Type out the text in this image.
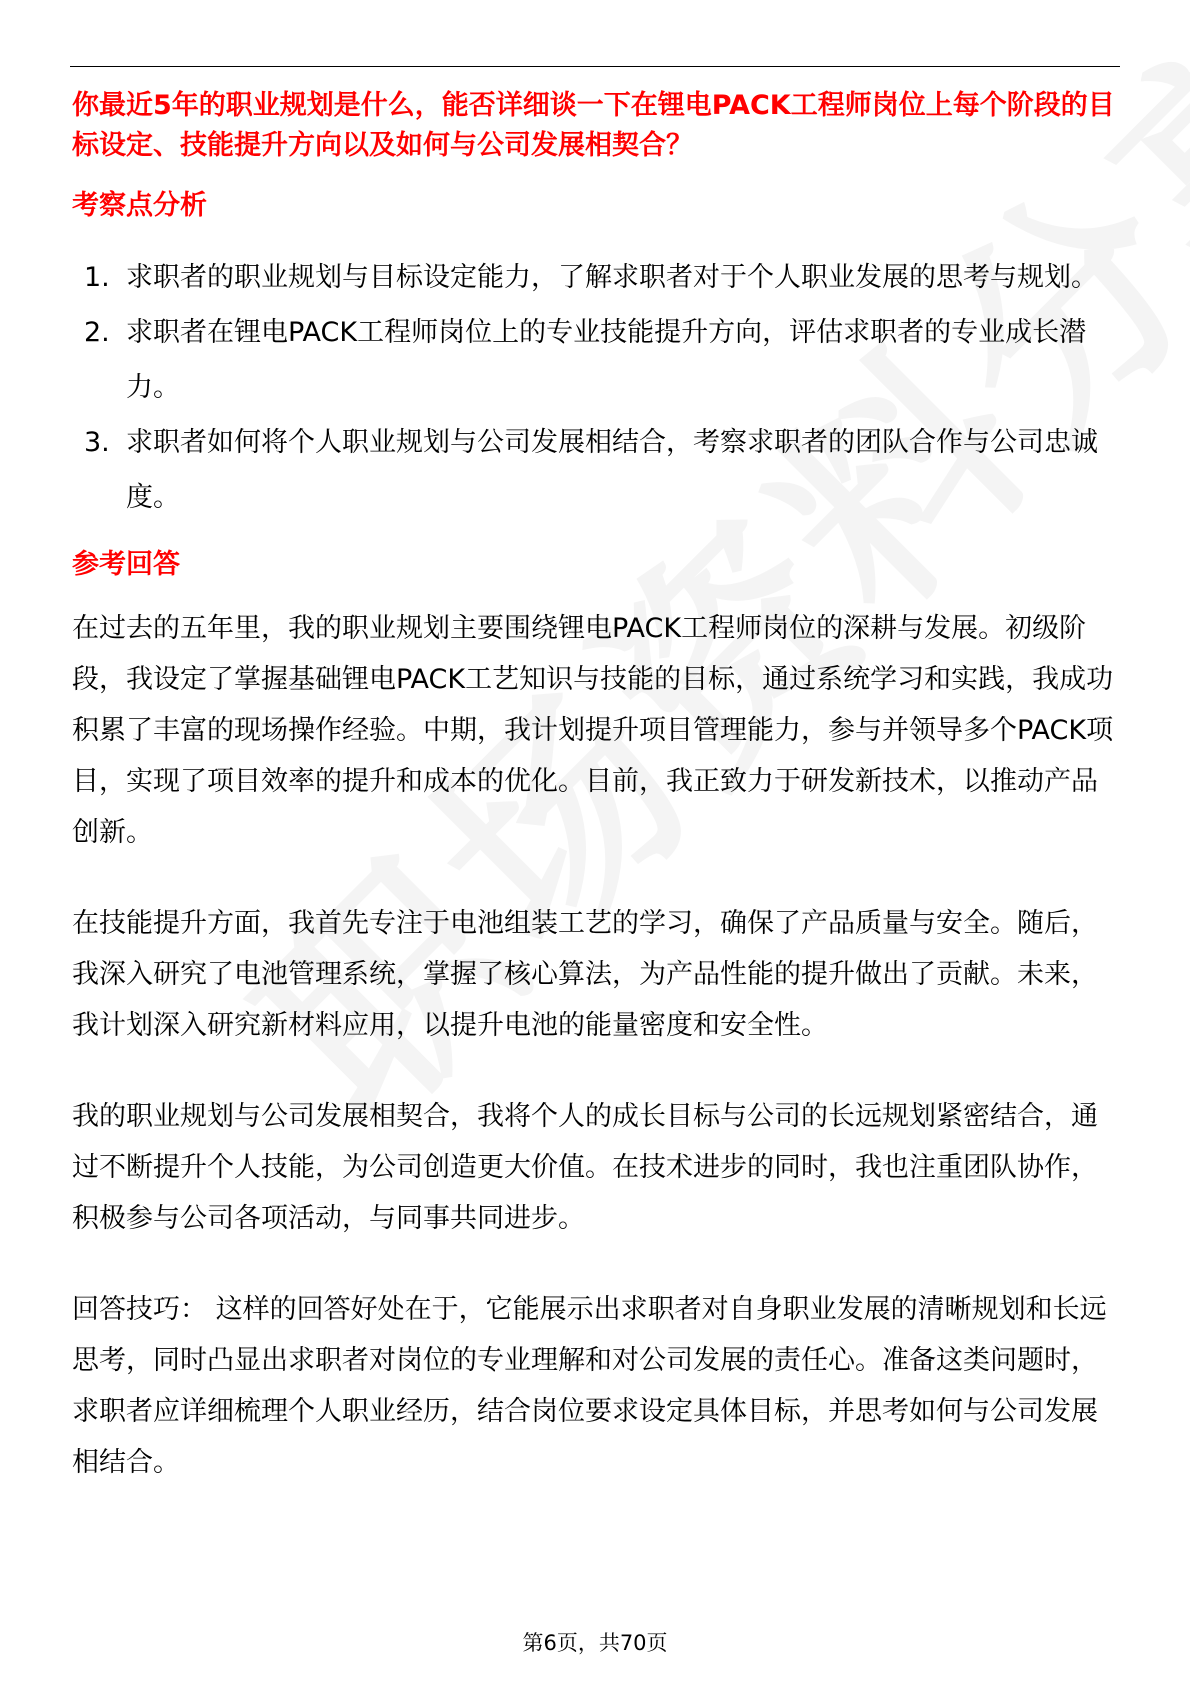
你最近5年的职业规划是什么，能否详细谈一下在锂电PACK工程师岗位上每个阶段的目标设定、技能提升方向以及如何与公司发展相契合？

考察点分析
1. 求职者的职业规划与目标设定能力，了解求职者对于个人职业发展的思考与规划。
2. 求职者在锂电PACK工程师岗位上的专业技能提升方向，评估求职者的专业成长潜力。
3. 求职者如何将个人职业规划与公司发展相结合，考察求职者的团队合作与公司忠诚度。
参考回答

在过去的五年里，我的职业规划主要围绕锂电PACK工程师岗位的深耕与发展。初级阶段，我设定了掌握基础锂电PACK工艺知识与技能的目标，通过系统学习和实践，我成功积累了丰富的现场操作经验。中期，我计划提升项目管理能力，参与并领导多个PACK项目，实现了项目效率的提升和成本的优化。目前，我正致力于研发新技术，以推动产品创新。

在技能提升方面，我首先专注于电池组装工艺的学习，确保了产品质量与安全。随后，我深入研究了电池管理系统，掌握了核心算法，为产品性能的提升做出了贡献。未来，我计划深入研究新材料应用，以提升电池的能量密度和安全性。

我的职业规划与公司发展相契合，我将个人的成长目标与公司的长远规划紧密结合，通过不断提升个人技能，为公司创造更大价值。在技术进步的同时，我也注重团队协作，积极参与公司各项活动，与同事共同进步。

回答技巧： 这样的回答好处在于，它能展示出求职者对自身职业发展的清晰规划和长远思考，同时凸显出求职者对岗位的专业理解和对公司发展的责任心。准备这类问题时，求职者应详细梳理个人职业经历，结合岗位要求设定具体目标，并思考如何与公司发展相结合。

第6页，共70页
